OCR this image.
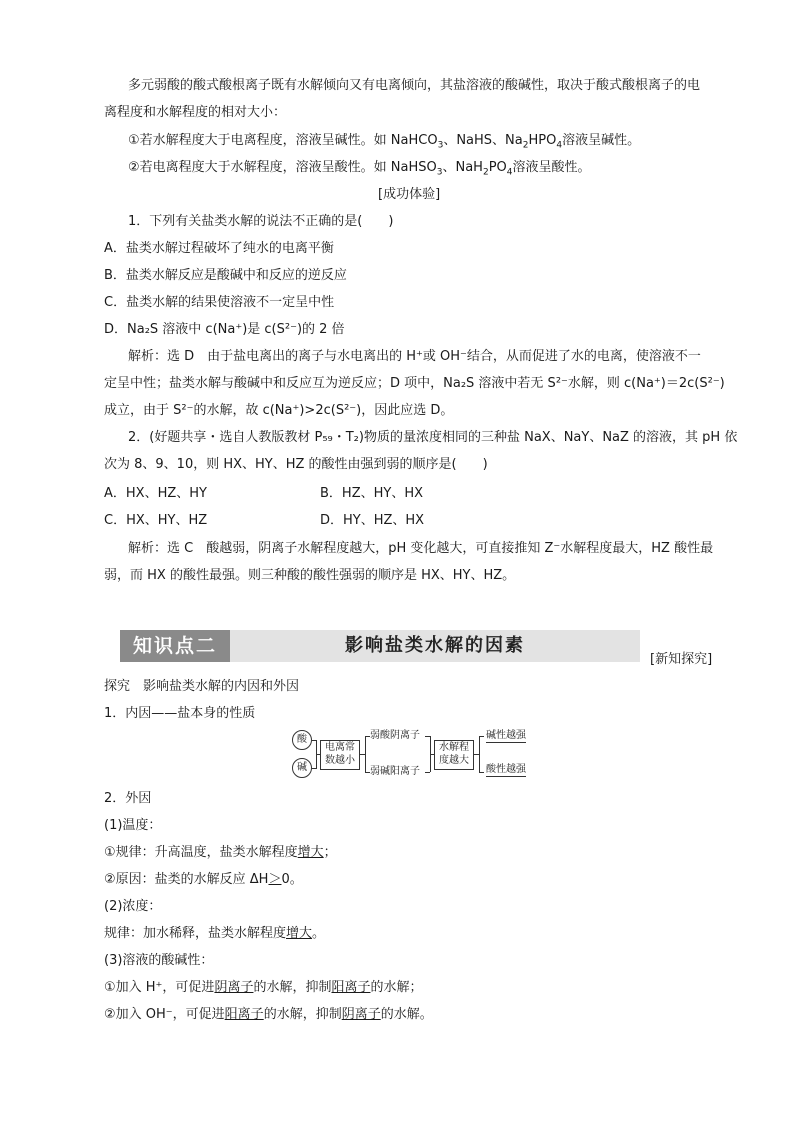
多元弱酸的酸式酸根离子既有水解倾向又有电离倾向，其盐溶液的酸碱性，取决于酸式酸根离子的电
离程度和水解程度的相对大小：
①若水解程度大于电离程度，溶液呈碱性。如 NaHCO$_3$、NaHS、$Na_2HPO_4$溶液呈碱性。
②若电离程度大于水解程度，溶液呈酸性。如 NaHSO$_3$、$NaH_2PO_4$溶液呈酸性。
[成功体验]
1．下列有关盐类水解的说法不正确的是(　　)
A．盐类水解过程破坏了纯水的电离平衡
B．盐类水解反应是酸碱中和反应的逆反应
C．盐类水解的结果使溶液不一定呈中性
D．Na₂S 溶液中 c(Na⁺)是 c(S²⁻)的 2 倍
解析：选 D　由于盐电离出的离子与水电离出的 H⁺或 OH⁻结合，从而促进了水的电离，使溶液不一
定呈中性；盐类水解与酸碱中和反应互为逆反应；D 项中，Na₂S 溶液中若无 S²⁻水解，则 c(Na⁺)＝2c(S²⁻)
成立，由于 S²⁻的水解，故 c(Na⁺)>2c(S²⁻)，因此应选 D。
2．(好题共享・选自人教版教材 P₅₉・T₂)物质的量浓度相同的三种盐 NaX、NaY、NaZ 的溶液，其 pH 依
次为 8、9、10，则 HX、HY、HZ 的酸性由强到弱的顺序是(　　)
A．HX、HZ、HY	B．HZ、HY、HX
C．HX、HY、HZ	D．HY、HZ、HX
解析：选 C　酸越弱，阴离子水解程度越大，pH 变化越大，可直接推知 Z⁻水解程度最大，HZ 酸性最
弱，而 HX 的酸性最强。则三种酸的酸性强弱的顺序是 HX、HY、HZ。
知识点二	影响盐类水解的因素
[新知探究]
探究　影响盐类水解的内因和外因
1．内因——盐本身的性质
酸
碱
电离常
数越小
弱酸阴离子
弱碱阳离子
水解程
度越大
碱性越强
酸性越强
2．外因
(1)温度：
①规律：升高温度，盐类水解程度增大；
②原因：盐类的水解反应 ΔH＞0。
(2)浓度：
规律：加水稀释，盐类水解程度增大。
(3)溶液的酸碱性：
①加入 H⁺，可促进阴离子的水解，抑制阳离子的水解；
②加入 OH⁻，可促进阳离子的水解，抑制阴离子的水解。
